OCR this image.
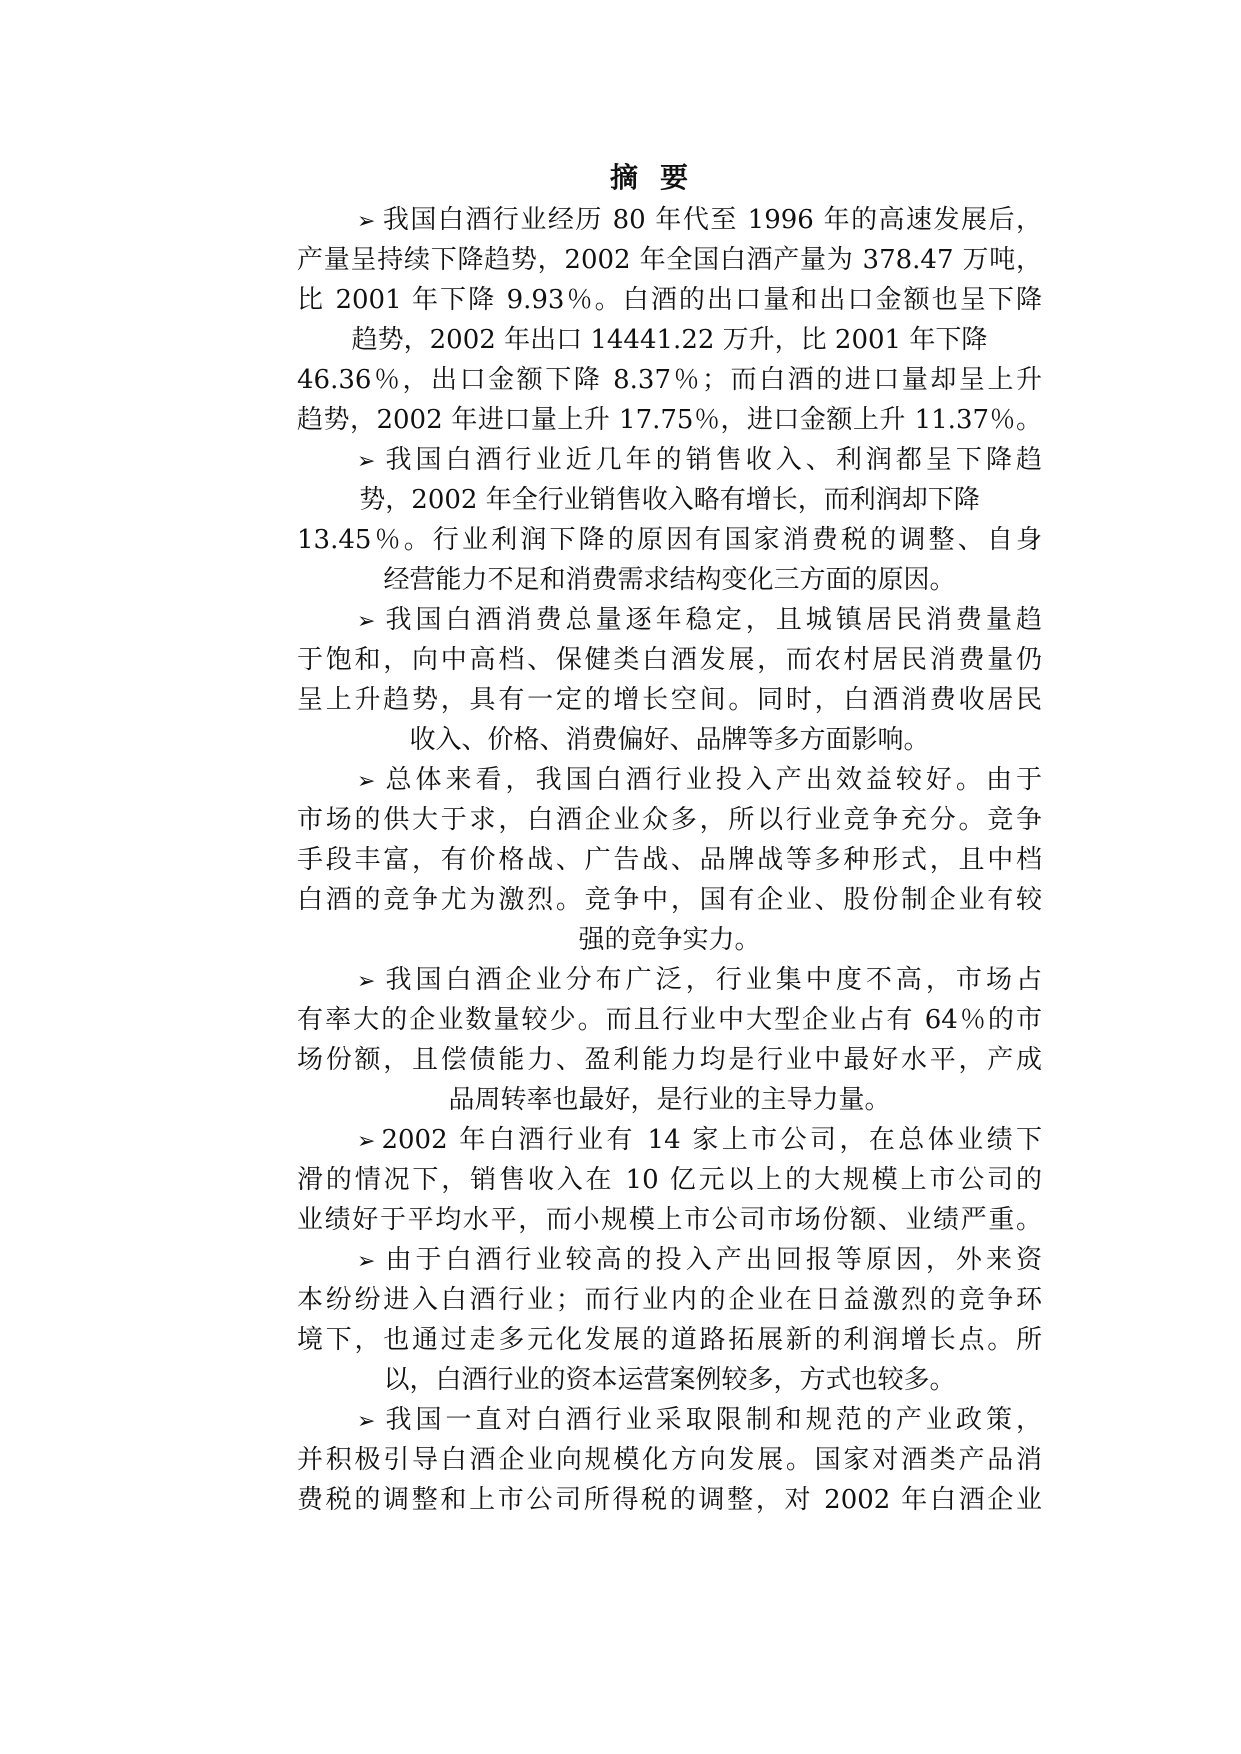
摘要
➢ 我国白酒行业经历 80 年代至 1996 年的高速发展后，
产量呈持续下降趋势，2002 年全国白酒产量为 378.47 万吨，
比 2001 年下降 9.93％。白酒的出口量和出口金额也呈下降
趋势，2002 年出口 14441.22 万升，比 2001 年下降
46.36％，出口金额下降 8.37％；而白酒的进口量却呈上升
趋势，2002 年进口量上升 17.75％，进口金额上升 11.37％。
➢ 我国白酒行业近几年的销售收入、利润都呈下降趋
势，2002 年全行业销售收入略有增长，而利润却下降
13.45％。行业利润下降的原因有国家消费税的调整、自身
经营能力不足和消费需求结构变化三方面的原因。
➢ 我国白酒消费总量逐年稳定，且城镇居民消费量趋
于饱和，向中高档、保健类白酒发展，而农村居民消费量仍
呈上升趋势，具有一定的增长空间。同时，白酒消费收居民
收入、价格、消费偏好、品牌等多方面影响。
➢ 总体来看，我国白酒行业投入产出效益较好。由于
市场的供大于求，白酒企业众多，所以行业竞争充分。竞争
手段丰富，有价格战、广告战、品牌战等多种形式，且中档
白酒的竞争尤为激烈。竞争中，国有企业、股份制企业有较
强的竞争实力。
➢ 我国白酒企业分布广泛，行业集中度不高，市场占
有率大的企业数量较少。而且行业中大型企业占有 64％的市
场份额，且偿债能力、盈利能力均是行业中最好水平，产成
品周转率也最好，是行业的主导力量。
➢ 2002 年白酒行业有 14 家上市公司，在总体业绩下
滑的情况下，销售收入在 10 亿元以上的大规模上市公司的
业绩好于平均水平，而小规模上市公司市场份额、业绩严重。
➢ 由于白酒行业较高的投入产出回报等原因，外来资
本纷纷进入白酒行业；而行业内的企业在日益激烈的竞争环
境下，也通过走多元化发展的道路拓展新的利润增长点。所
以，白酒行业的资本运营案例较多，方式也较多。
➢ 我国一直对白酒行业采取限制和规范的产业政策，
并积极引导白酒企业向规模化方向发展。国家对酒类产品消
费税的调整和上市公司所得税的调整，对 2002 年白酒企业
